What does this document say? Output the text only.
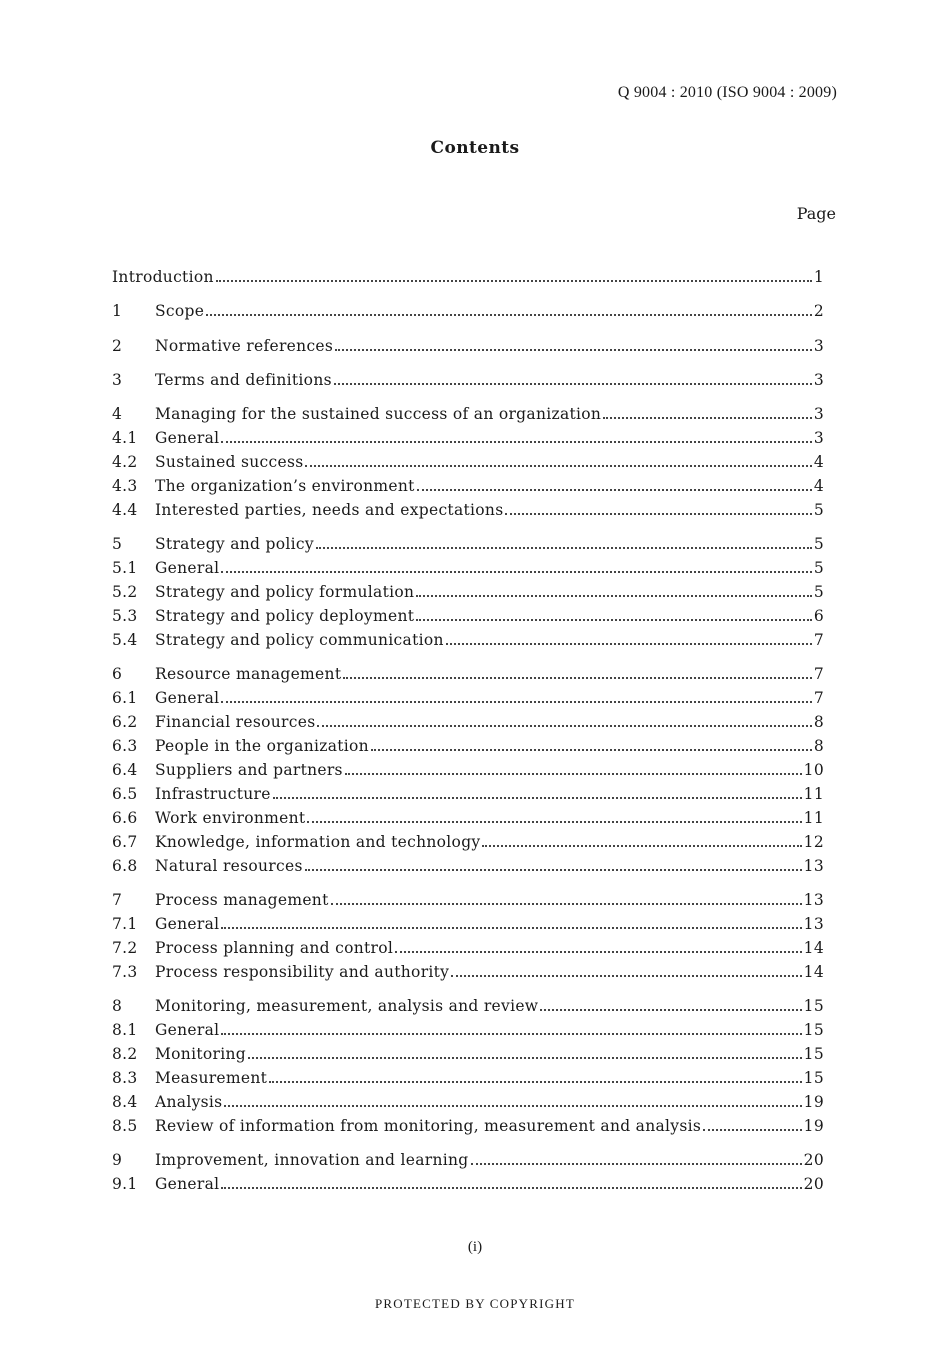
Q 9004 : 2010 (ISO 9004 : 2009)
Contents
Page
Introduction	1
1	Scope	2
2	Normative references	3
3	Terms and definitions	3
4	Managing for the sustained success of an organization	3
4.1	General	3
4.2	Sustained success	4
4.3	The organization’s environment	4
4.4	Interested parties, needs and expectations	5
5	Strategy and policy	5
5.1	General	5
5.2	Strategy and policy formulation	5
5.3	Strategy and policy deployment	6
5.4	Strategy and policy communication	7
6	Resource management	7
6.1	General	7
6.2	Financial resources	8
6.3	People in the organization	8
6.4	Suppliers and partners	10
6.5	Infrastructure	11
6.6	Work environment	11
6.7	Knowledge, information and technology	12
6.8	Natural resources	13
7	Process management	13
7.1	General	13
7.2	Process planning and control	14
7.3	Process responsibility and authority	14
8	Monitoring, measurement, analysis and review	15
8.1	General	15
8.2	Monitoring	15
8.3	Measurement	15
8.4	Analysis	19
8.5	Review of information from monitoring, measurement and analysis	19
9	Improvement, innovation and learning	20
9.1	General	20
(i)
PROTECTED BY COPYRIGHT
